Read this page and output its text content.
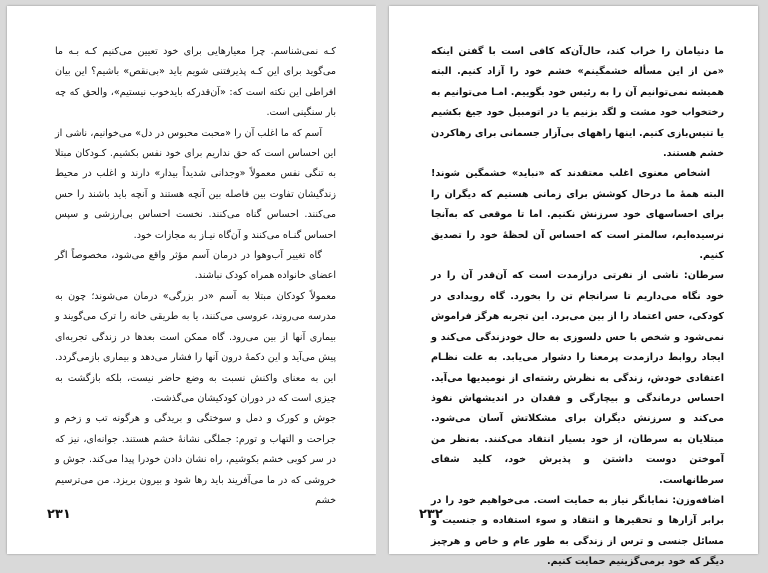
کـه نمی‌شناسم. چرا معیارهایی برای خود تعیین می‌کنیم کـه بـه ما می‌گوید برای این کـه پذیرفتنی شویم باید «بی‌نقص» باشیم؟ این بیان افراطی این نکته است که: «آن‌قدرکه بایدخوب نیستیم»، والحق که چه بار سنگینی است.

آسم که ما اغلب آن را «محبت محبوس در دل» می‌خوانیم، ناشی از این احساس است که حق نداریم برای خود نفس بکشیم. کـودکان مبتلا به تنگی نفس معمولاً «وجدانی شدیداً بیدار» دارند و اغلب در محیط زندگیشان تفاوت بین فاصله بین آنچه هستند و آنچه باید باشند را حس می‌کنند. احساس گناه می‌کنند. نخست احساس بی‌ارزشی و سپس احساس گنـاه می‌کنند و آن‌گاه نیـاز به مجازات خود.

گاه تغییر آب‌وهوا در درمان آسم مؤثر واقع می‌شود، مخصوصاً اگر اعضای خانواده همراه کودک نباشند.

معمولاً کودکان مبتلا به آسم «در بزرگی» درمان می‌شوند؛ چون به مدرسه می‌روند، عروسی می‌کنند، یا به طریقی خانه را ترک می‌گویند و بیماری آنها از بین می‌رود. گاه ممکن است بعدها در زندگی تجربه‌ای پیش می‌آید و این دکمهٔ درون آنها را فشار می‌دهد و بیماری بازمی‌گردد. این به معنای واکنش نسبت به وضع حاضر نیست، بلکه بازگشت به چیزی است که در دوران کودکیشان می‌گذشت.

جوش و کورک و دمل و سوختگی و بریدگی و هرگونه تب و زخم و جراحت و التهاب و تورم: جملگی نشانهٔ خشم هستند. جوانه‌ای، نیز که در سر کوبی خشم بکوشیم، راه نشان دادن خودرا پیدا می‌کند. جوش و خروشی که در ما می‌آفریند باید رها شود و بیرون بریزد. من می‌ترسیم خشم

۲۳۱

ما دنیامان را خراب کند، حال‌آن‌که کافی است با گفتن اینکه «من از این مسأله خشمگینم» خشم خود را آزاد کنیم. البته همیشه نمی‌توانیم آن را به رئیس خود بگوییم. امـا می‌توانیم به رختخواب خود مشت و لگد بزنیم یا در اتومبیل خود جیغ بکشیم یا تنیس‌بازی کنیم. اینها راههای بی‌آزار جسمانی برای رهاکردن خشم هستند.

اشخاص معنوی اغلب معتقدند که «نباید» خشمگین شوند! البته همهٔ ما درحال کوشش برای زمانی هستیم که دیگران را برای احساسهای خود سرزنش نکنیم. اما تا موقعی که به‌آنجا نرسیده‌ایم، سالمتر است که احساس آن لحظهٔ خود را تصدیق کنیم.

سرطان: ناشی از نفرتی درازمدت است که آن‌قدر آن را در خود نگاه می‌داریم تا سرانجام تن را بخورد. گاه رویدادی در کودکی، حس اعتماد را از بین می‌برد. این تجربه هرگز فراموش نمی‌شود و شخص با حس دلسوزی به حال خودزندگی می‌کند و ایجاد روابط درازمدت پرمعنا را دشوار می‌یابد. به علت نظـام اعتقادی خودش، زندگی به نظرش رشته‌ای از نومیدیها می‌آید. احساس درماندگی و بیچارگی و فقدان در اندیشهاش نفوذ می‌کند و سرزنش دیگران برای مشکلاتش آسان می‌شود. مبتلایان به سرطان، از خود بسیار انتقاد می‌کنند. به‌نظر من آموختن دوست داشتن و پذیرش خود، کلید شفای سرطانهاست.

اضافه‌وزن: نمایانگر نیاز به حمایت است. می‌خواهیم خود را در برابر آزارها و تحقیرها و انتقاد و سوء استفاده و جنسیت و مسائل جنسی و ترس از زندگی به طور عام و خاص و هرچیز دیگر که خود برمی‌گزینیم حمایت کنیم.

۲۳۲
